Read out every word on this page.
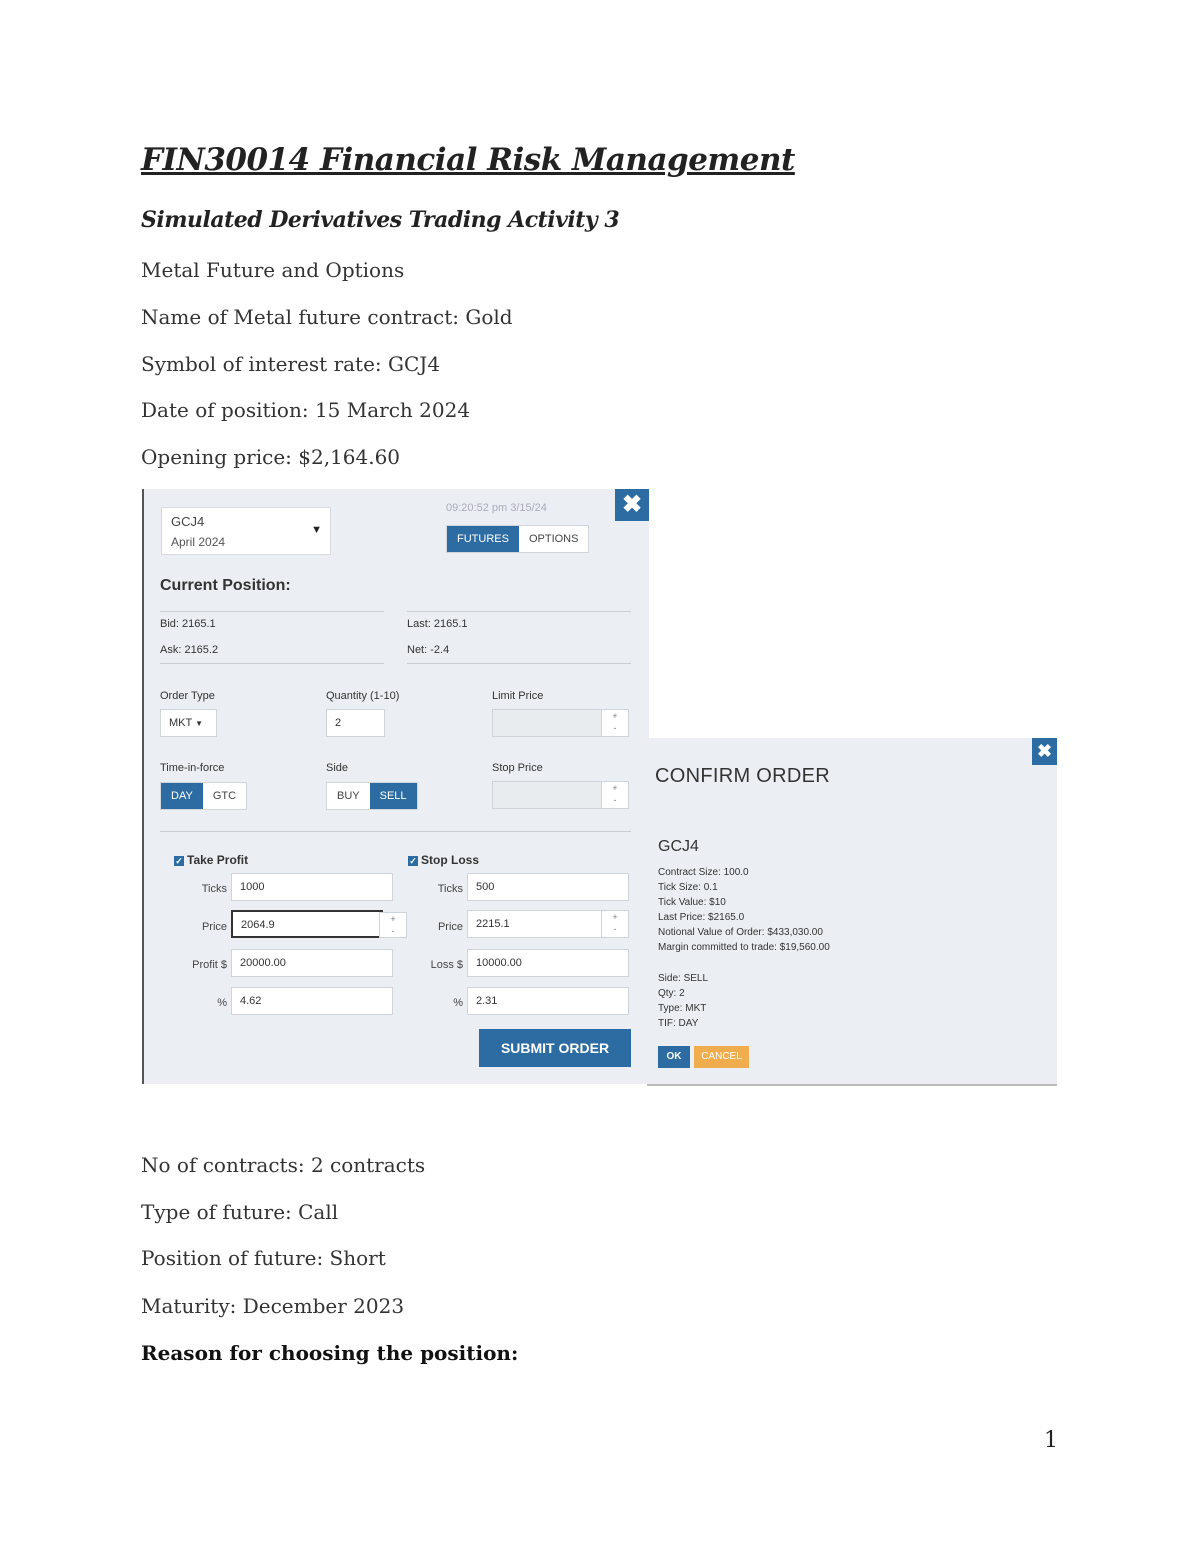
FIN30014 Financial Risk Management
Simulated Derivatives Trading Activity 3

Metal Future and Options

Name of Metal future contract: Gold

Symbol of interest rate: GCJ4

Date of position: 15 March 2024

Opening price: $2,164.60

✖
GCJ4
April 2024
▼
09:20:52 pm 3/15/24
FUTURES	OPTIONS
Current Position:
Bid: 2165.1	Last: 2165.1
Ask: 2165.2	Net: -2.4
Order Type
MKT ▼
Quantity (1-10)
2
Limit Price
+
-
Time-in-force
DAY	GTC
Side
BUY	SELL
Stop Price
+
-
✓ Take Profit
Ticks	1000
Price	2064.9	+
-
Profit $	20000.00
%	4.62
✓ Stop Loss
Ticks	500
Price	2215.1
+
-
Loss $	10000.00
%	2.31
SUBMIT ORDER
✖
CONFIRM ORDER
GCJ4
Contract Size: 100.0
Tick Size: 0.1
Tick Value: $10
Last Price: $2165.0
Notional Value of Order: $433,030.00
Margin committed to trade: $19,560.00
Side: SELL
Qty: 2
Type: MKT
TIF: DAY
OK	CANCEL

No of contracts: 2 contracts

Type of future: Call

Position of future: Short

Maturity: December 2023

Reason for choosing the position:

1
